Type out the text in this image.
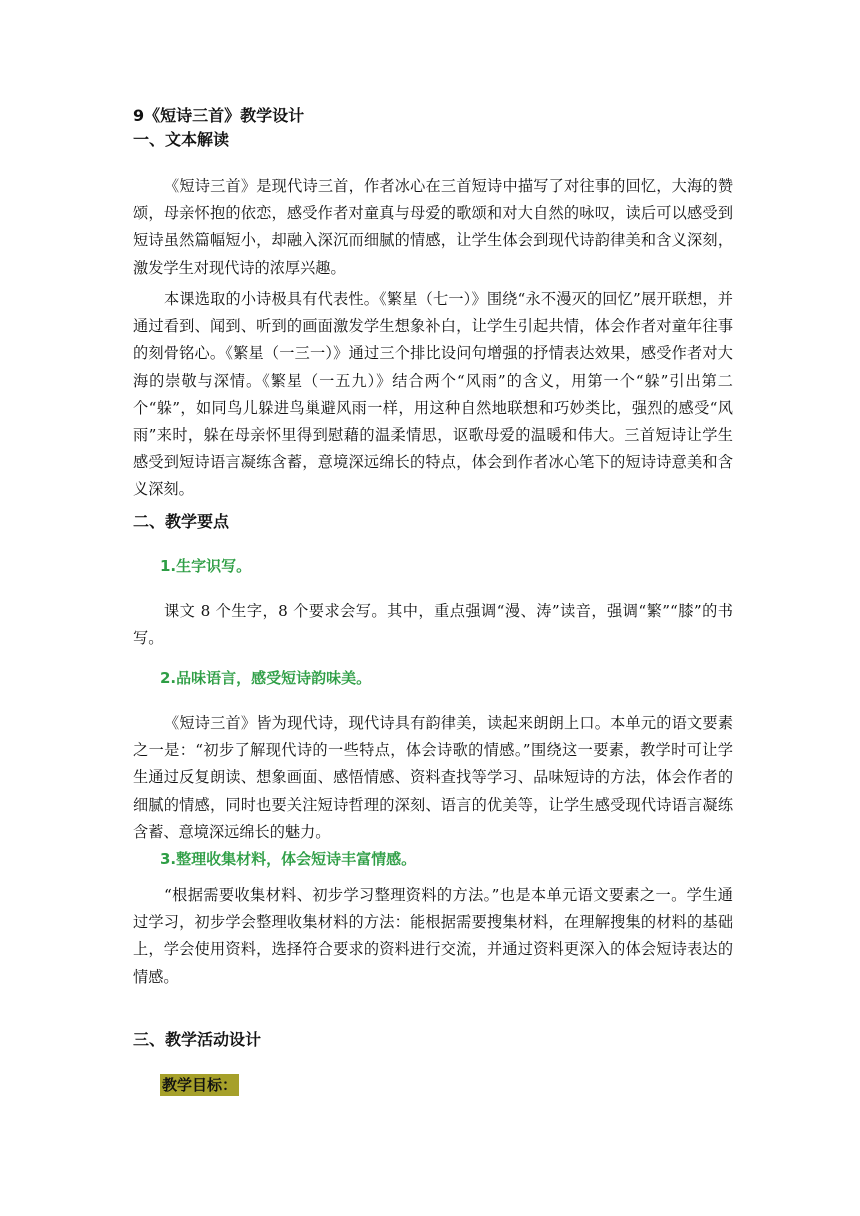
9《短诗三首》教学设计
一、文本解读

《短诗三首》是现代诗三首，作者冰心在三首短诗中描写了对往事的回忆，大海的赞颂，母亲怀抱的依恋，感受作者对童真与母爱的歌颂和对大自然的咏叹，读后可以感受到短诗虽然篇幅短小，却融入深沉而细腻的情感，让学生体会到现代诗韵律美和含义深刻，激发学生对现代诗的浓厚兴趣。

本课选取的小诗极具有代表性。《繁星（七一）》围绕“永不漫灭的回忆”展开联想，并通过看到、闻到、听到的画面激发学生想象补白，让学生引起共情，体会作者对童年往事的刻骨铭心。《繁星（一三一）》通过三个排比设问句增强的抒情表达效果，感受作者对大海的崇敬与深情。《繁星（一五九）》结合两个“风雨”的含义，用第一个“躲”引出第二个“躲”，如同鸟儿躲进鸟巢避风雨一样，用这种自然地联想和巧妙类比，强烈的感受“风雨”来时，躲在母亲怀里得到慰藉的温柔情思，讴歌母爱的温暖和伟大。三首短诗让学生感受到短诗语言凝练含蓄，意境深远绵长的特点，体会到作者冰心笔下的短诗诗意美和含义深刻。

二、教学要点
1.生字识写。

课文 8 个生字，8 个要求会写。其中，重点强调“漫、涛”读音，强调“繁”“膝”的书写。

2.品味语言，感受短诗韵味美。

《短诗三首》皆为现代诗，现代诗具有韵律美，读起来朗朗上口。本单元的语文要素之一是：“初步了解现代诗的一些特点，体会诗歌的情感。”围绕这一要素，教学时可让学生通过反复朗读、想象画面、感悟情感、资料查找等学习、品味短诗的方法，体会作者的细腻的情感，同时也要关注短诗哲理的深刻、语言的优美等，让学生感受现代诗语言凝练含蓄、意境深远绵长的魅力。

3.整理收集材料，体会短诗丰富情感。

“根据需要收集材料、初步学习整理资料的方法。”也是本单元语文要素之一。学生通过学习，初步学会整理收集材料的方法：能根据需要搜集材料，在理解搜集的材料的基础上，学会使用资料，选择符合要求的资料进行交流，并通过资料更深入的体会短诗表达的情感。

三、教学活动设计
教学目标：
